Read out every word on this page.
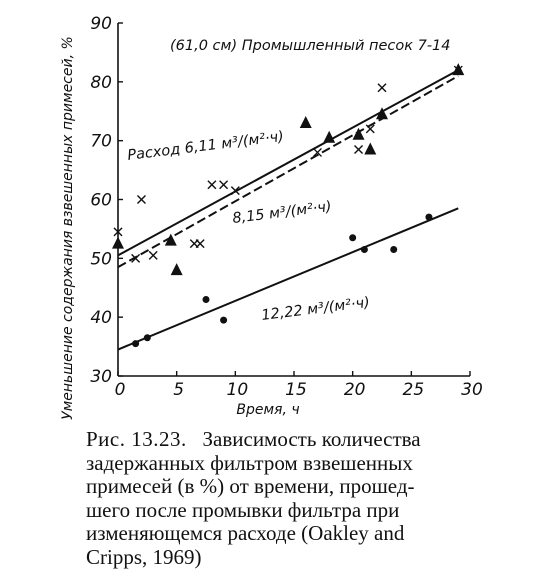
0	5 10 15 20 25 30
30
40
50
60
70
80
90
Уменьшение содержания взвешенных примесей, %	Время, ч
(61,0 см) Промышленный песок 7-14
Расход 6,11 м³/(м²·ч)
8,15 м³/(м²·ч)
12,22 м³/(м²·ч)
Рис. 13.23. Зависимость количества
задержанных фильтром взвешенных
примесей (в %) от времени, прошед-
шего после промывки фильтра при
изменяющемся расходе (Oakley and
Cripps, 1969)
